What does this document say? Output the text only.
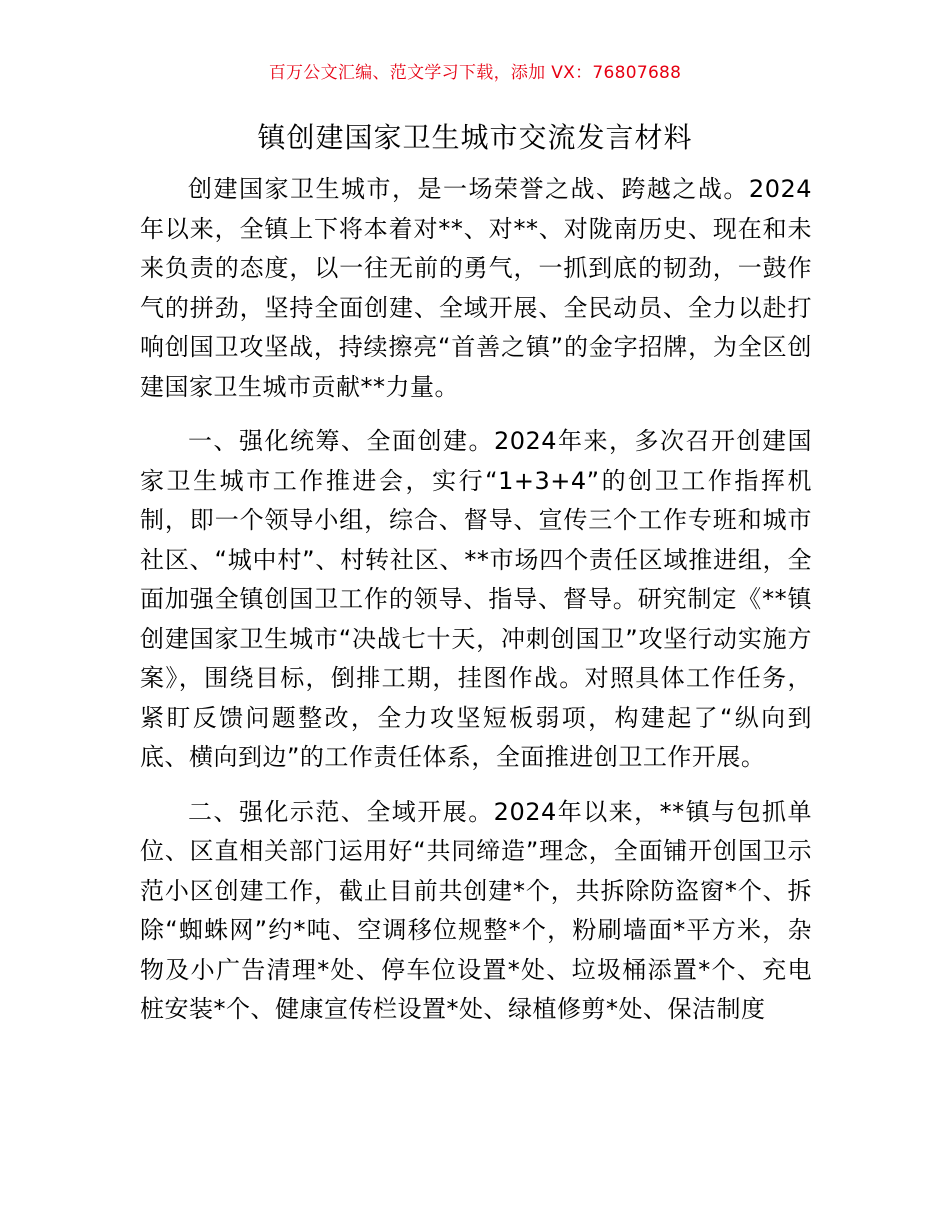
百万公文汇编、范文学习下载，添加 VX：76807688
镇创建国家卫生城市交流发言材料

创建国家卫生城市，是一场荣誉之战、跨越之战。2024年以来，全镇上下将本着对**、对**、对陇南历史、现在和未来负责的态度，以一往无前的勇气，一抓到底的韧劲，一鼓作气的拼劲，坚持全面创建、全域开展、全民动员、全力以赴打响创国卫攻坚战，持续擦亮“首善之镇”的金字招牌，为全区创建国家卫生城市贡献**力量。

一、强化统筹、全面创建。2024年来，多次召开创建国家卫生城市工作推进会，实行“1+3+4”的创卫工作指挥机制，即一个领导小组，综合、督导、宣传三个工作专班和城市社区、“城中村”、村转社区、**市场四个责任区域推进组，全面加强全镇创国卫工作的领导、指导、督导。研究制定《**镇创建国家卫生城市“决战七十天，冲刺创国卫”攻坚行动实施方案》，围绕目标，倒排工期，挂图作战。对照具体工作任务，紧盯反馈问题整改，全力攻坚短板弱项，构建起了“纵向到底、横向到边”的工作责任体系，全面推进创卫工作开展。

二、强化示范、全域开展。2024年以来，**镇与包抓单位、区直相关部门运用好“共同缔造”理念，全面铺开创国卫示范小区创建工作，截止目前共创建*个，共拆除防盗窗*个、拆除“蜘蛛网”约*吨、空调移位规整*个，粉刷墙面*平方米，杂物及小广告清理*处、停车位设置*处、垃圾桶添置*个、充电桩安装*个、健康宣传栏设置*处、绿植修剪*处、保洁制度
